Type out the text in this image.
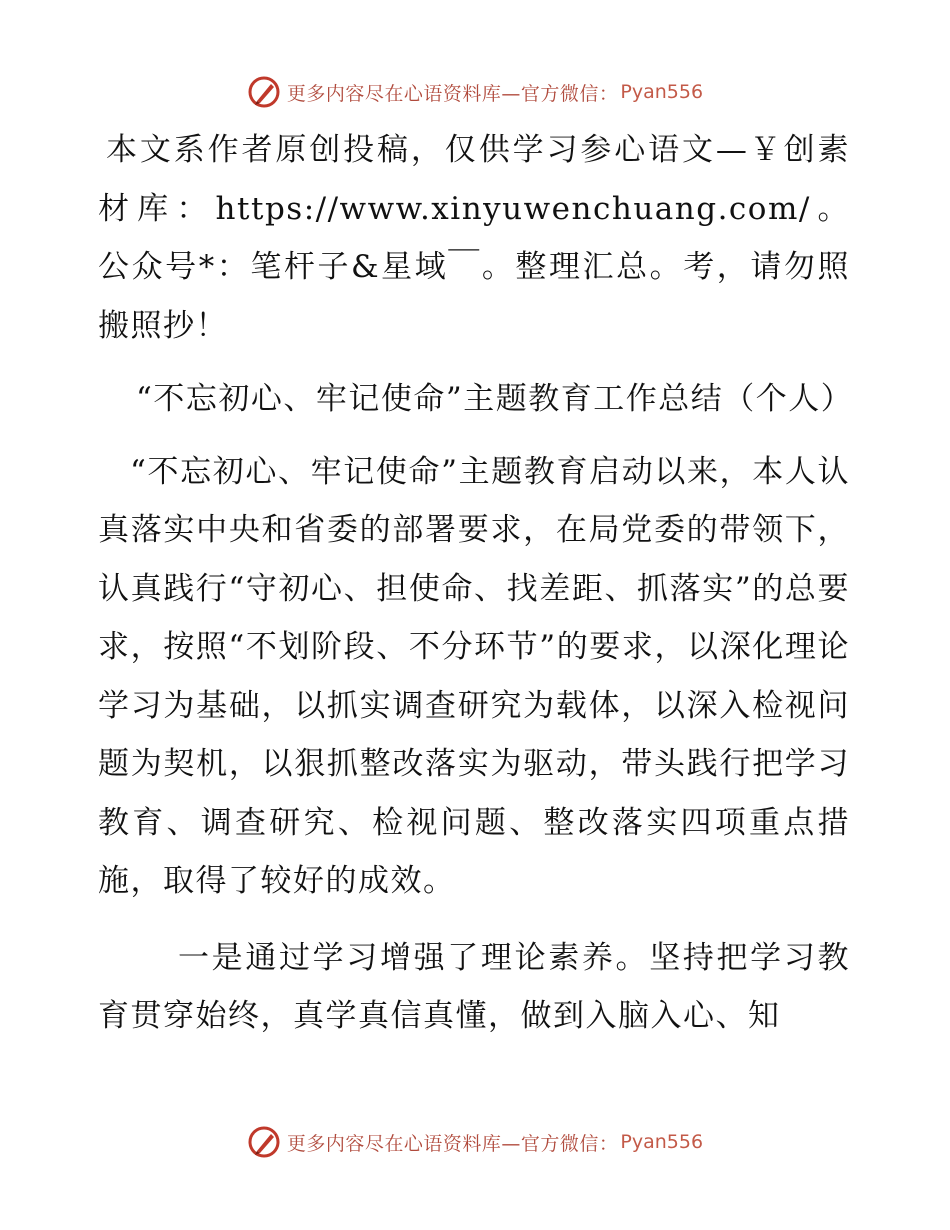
更多内容尽在心语资料库—官方微信： Pyan556

本文系作者原创投稿，仅供学习参心语文—￥创素材库：https://www.xinyuwenchuang.com/。公众号*：笔杆子&星域￣。整理汇总。考，请勿照搬照抄！

“不忘初心、牢记使命”主题教育工作总结（个人）

“不忘初心、牢记使命”主题教育启动以来，本人认真落实中央和省委的部署要求，在局党委的带领下，认真践行“守初心、担使命、找差距、抓落实”的总要求，按照“不划阶段、不分环节”的要求，以深化理论学习为基础，以抓实调查研究为载体，以深入检视问题为契机，以狠抓整改落实为驱动，带头践行把学习教育、调查研究、检视问题、整改落实四项重点措施，取得了较好的成效。

一是通过学习增强了理论素养。坚持把学习教育贯穿始终，真学真信真懂，做到入脑入心、知

更多内容尽在心语资料库—官方微信： Pyan556
